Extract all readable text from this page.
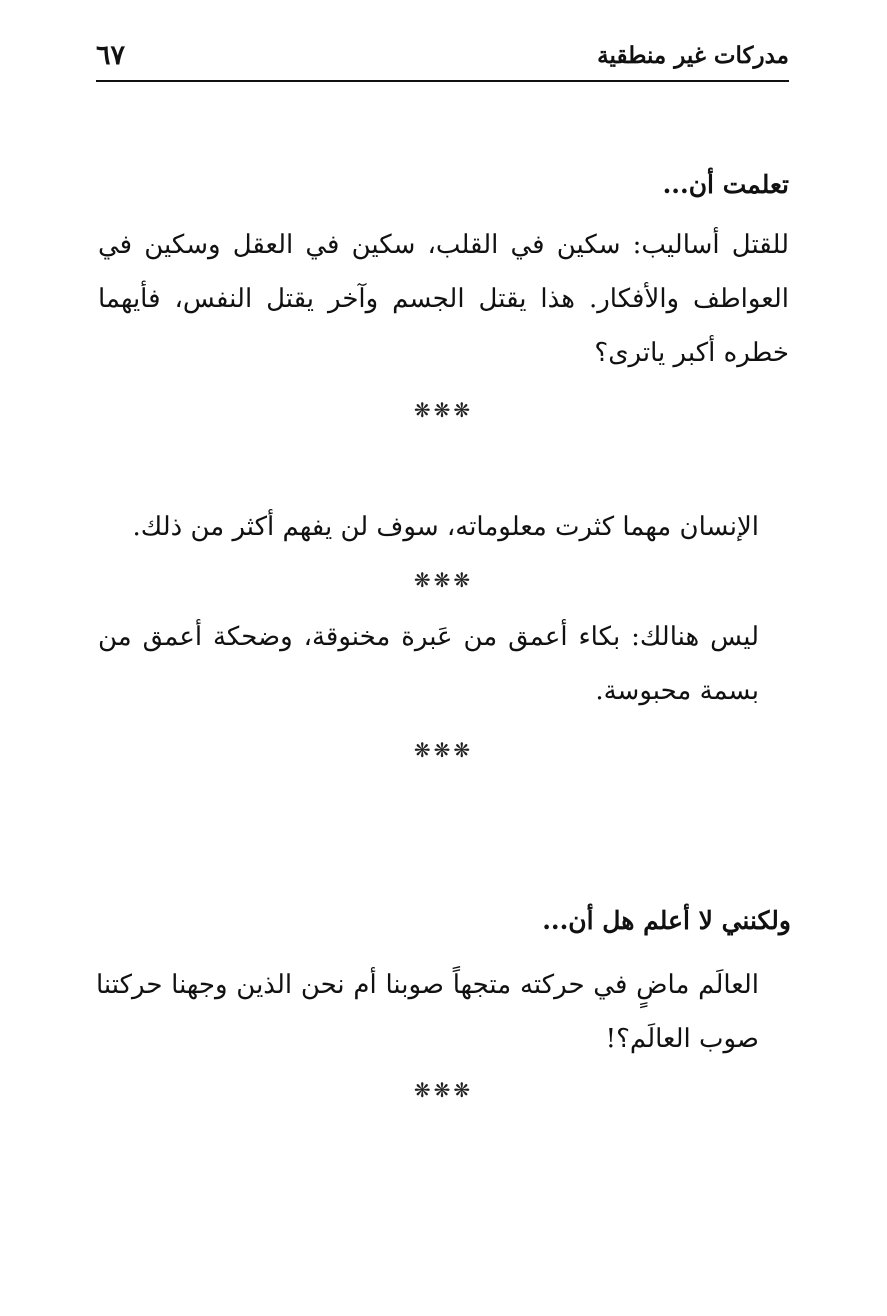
مدركات غير منطقية
٦٧
تعلمت أن...
للقتل أساليب: سكين في القلب، سكين في العقل وسكين في العواطف والأفكار. هذا يقتل الجسم وآخر يقتل النفس، فأيهما خطره أكبر ياترى؟
❋❋❋
الإنسان مهما كثرت معلوماته، سوف لن يفهم أكثر من ذلك.
❋❋❋
ليس هنالك: بكاء أعمق من عَبرة مخنوقة، وضحكة أعمق من بسمة محبوسة.
❋❋❋
ولكنني لا أعلم هل أن...
العالَم ماضٍ في حركته متجهاً صوبنا أم نحن الذين وجهنا حركتنا صوب العالَم؟!
❋❋❋
